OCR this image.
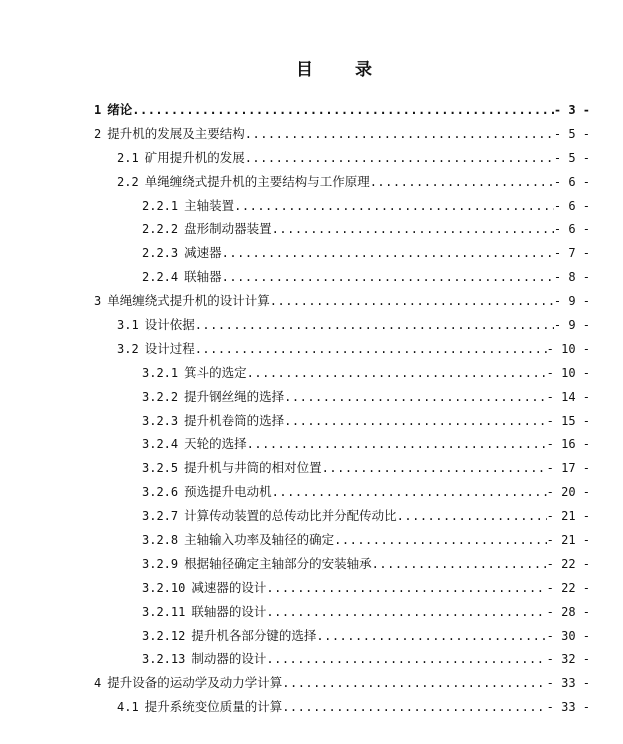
目 录
1 绪论 .....	- 3 -
2 提升机的发展及主要结构 .....	- 5 -
2.1 矿用提升机的发展 .....	- 5 -
2.2 单绳缠绕式提升机的主要结构与工作原理 .....	- 6 -
2.2.1 主轴装置 .....	- 6 -
2.2.2 盘形制动器装置 .....	- 6 -
2.2.3 减速器 .....	- 7 -
2.2.4 联轴器 .....	- 8 -
3 单绳缠绕式提升机的设计计算 .....	- 9 -
3.1 设计依据 .....	- 9 -
3.2 设计过程 .....	- 10 -
3.2.1 箕斗的选定 .....	- 10 -
3.2.2 提升钢丝绳的选择 .....	- 14 -
3.2.3 提升机卷筒的选择 .....	- 15 -
3.2.4 天轮的选择 .....	- 16 -
3.2.5 提升机与井筒的相对位置 .....	- 17 -
3.2.6 预选提升电动机 .....	- 20 -
3.2.7 计算传动装置的总传动比并分配传动比 .....	- 21 -
3.2.8 主轴输入功率及轴径的确定 .....	- 21 -
3.2.9 根据轴径确定主轴部分的安装轴承 .....	- 22 -
3.2.10 减速器的设计 .....	- 22 -
3.2.11 联轴器的设计 .....	- 28 -
3.2.12 提升机各部分键的选择 .....	- 30 -
3.2.13 制动器的设计 .....	- 32 -
4 提升设备的运动学及动力学计算 .....	- 33 -
4.1 提升系统变位质量的计算 .....	- 33 -
